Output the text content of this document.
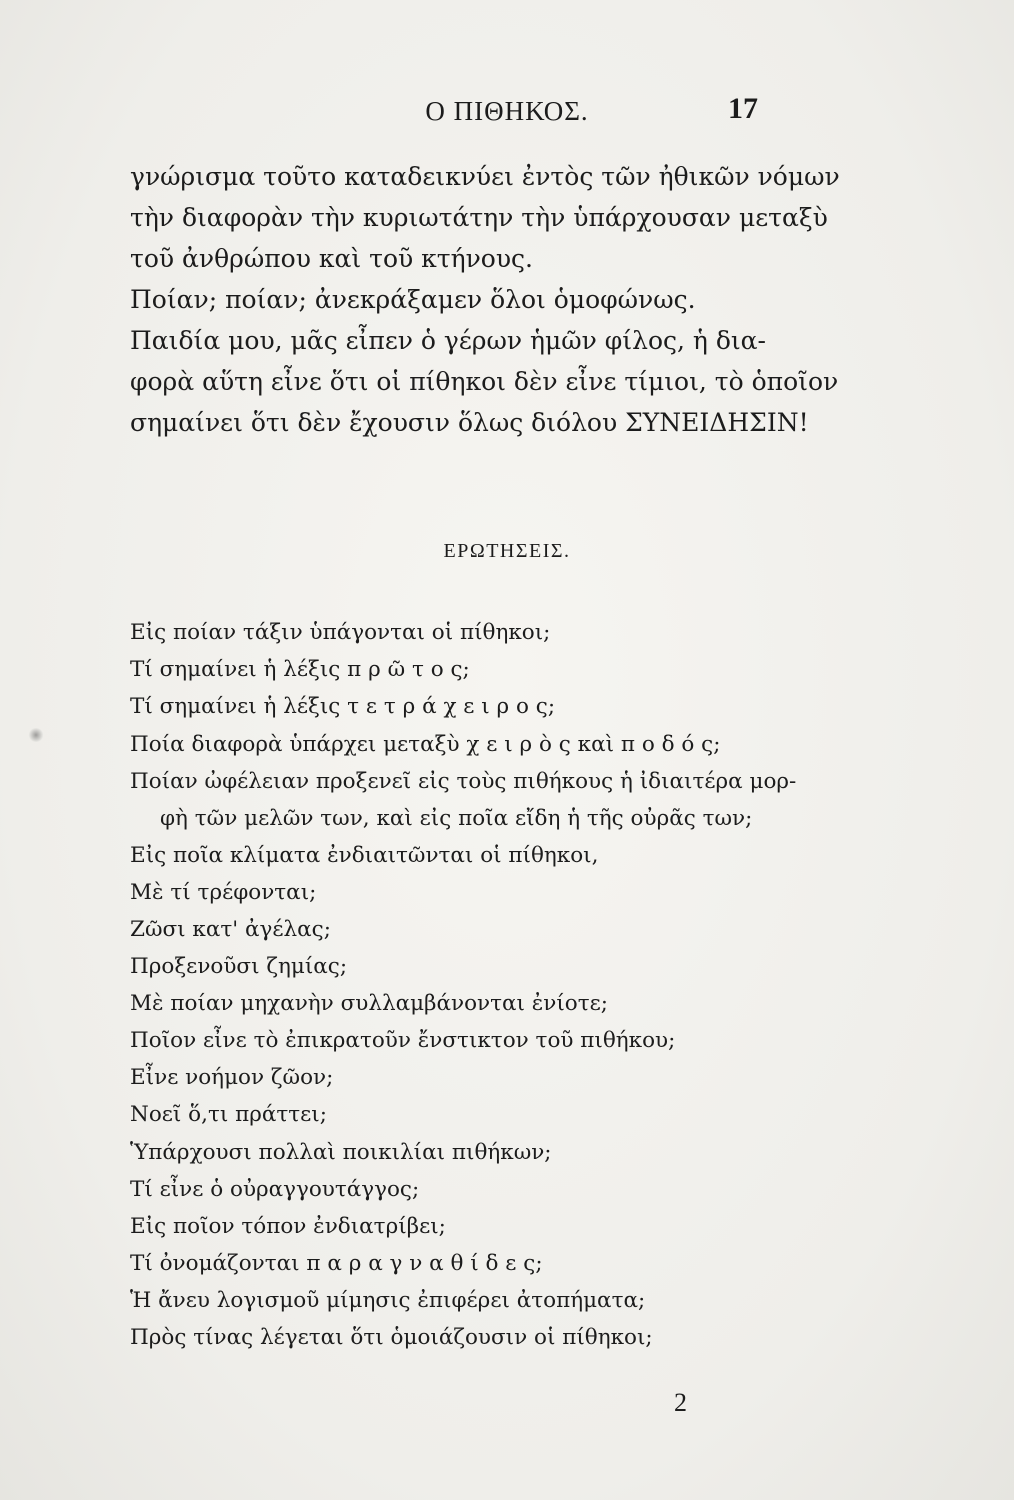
Ο ΠΙΘΗΚΟΣ.	17
γνώρισμα τοῦτο καταδεικνύει ἐντὸς τῶν ἠθικῶν νόμων
τὴν διαφορὰν τὴν κυριωτάτην τὴν ὑπάρχουσαν μεταξὺ
τοῦ ἀνθρώπου καὶ τοῦ κτήνους.
Ποίαν; ποίαν; ἀνεκράξαμεν ὅλοι ὁμοφώνως.
Παιδία μου, μᾶς εἶπεν ὁ γέρων ἡμῶν φίλος, ἡ δια-
φορὰ αὕτη εἶνε ὅτι οἱ πίθηκοι δὲν εἶνε τίμιοι, τὸ ὁποῖον
σημαίνει ὅτι δὲν ἔχουσιν ὅλως διόλου ΣΥΝΕΙΔΗΣΙΝ!
ΕΡΩΤΗΣΕΙΣ.
Εἰς ποίαν τάξιν ὑπάγονται οἱ πίθηκοι;
Τί σημαίνει ἡ λέξις π ρ ῶ τ ο ς;
Τί σημαίνει ἡ λέξις τ ε τ ρ ά χ ε ι ρ ο ς;
Ποία διαφορὰ ὑπάρχει μεταξὺ χ ε ι ρ ὸ ς καὶ π ο δ ό ς;
Ποίαν ὠφέλειαν προξενεῖ εἰς τοὺς πιθήκους ἡ ἰδιαιτέρα μορ-
φὴ τῶν μελῶν των, καὶ εἰς ποῖα εἴδη ἡ τῆς οὐρᾶς των;
Εἰς ποῖα κλίματα ἐνδιαιτῶνται οἱ πίθηκοι,
Μὲ τί τρέφονται;
Ζῶσι κατ' ἀγέλας;
Προξενοῦσι ζημίας;
Μὲ ποίαν μηχανὴν συλλαμβάνονται ἐνίοτε;
Ποῖον εἶνε τὸ ἐπικρατοῦν ἔνστικτον τοῦ πιθήκου;
Εἶνε νοήμον ζῶον;
Νοεῖ ὅ,τι πράττει;
Ὑπάρχουσι πολλαὶ ποικιλίαι πιθήκων;
Τί εἶνε ὁ οὐραγγουτάγγος;
Εἰς ποῖον τόπον ἐνδιατρίβει;
Τί ὀνομάζονται π α ρ α γ ν α θ ί δ ε ς;
Ἡ ἄνευ λογισμοῦ μίμησις ἐπιφέρει ἀτοπήματα;
Πρὸς τίνας λέγεται ὅτι ὁμοιάζουσιν οἱ πίθηκοι;
2
